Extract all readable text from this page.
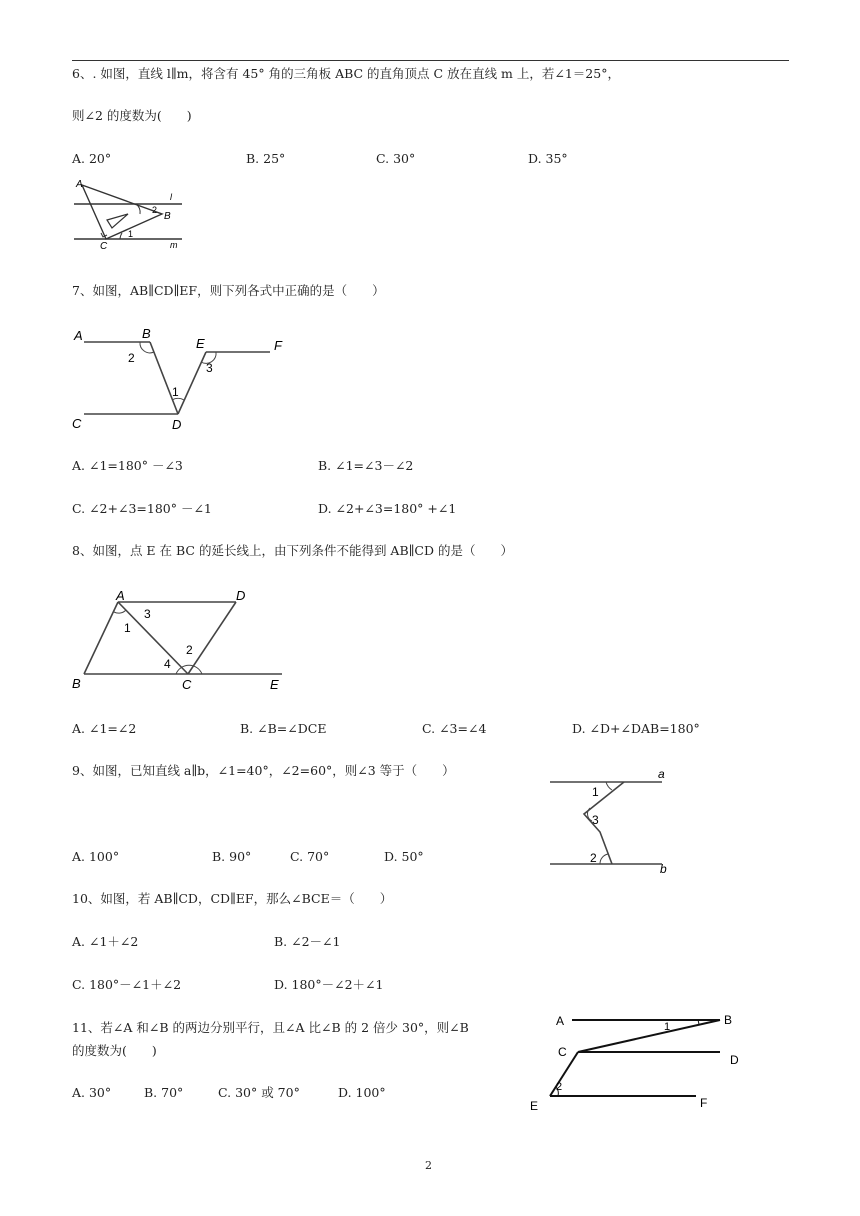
6、. 如图，直线 l∥m，将含有 45° 角的三角板 ABC 的直角顶点 C 放在直线 m 上，若∠1＝25°，
则∠2 的度数为(　　)
A. 20°	B. 25°	C. 30°	D. 35°
A
B
C
l
m
2
1
7、如图，AB∥CD∥EF，则下列各式中正确的是（　　）
A	B
C	D
E	F
1
2
3
A. ∠1=180° －∠3	B. ∠1=∠3－∠2
C. ∠2+∠3=180° －∠1	D. ∠2+∠3=180° +∠1
8、如图，点 E 在 BC 的延长线上，由下列条件不能得到 AB∥CD 的是（　　）
A
B	C
D
E
1
2
3
4
A. ∠1=∠2	B. ∠B=∠DCE	C. ∠3=∠4	D. ∠D+∠DAB=180°
9、如图，已知直线 a∥b，∠1=40°，∠2=60°，则∠3 等于（　　）
A. 100°	B. 90°	C. 70°	D. 50°
a
b
1
3
2
10、如图，若 AB∥CD，CD∥EF，那么∠BCE＝（　　）
A. ∠1＋∠2	B. ∠2－∠1
C. 180°－∠1＋∠2	D. 180°－∠2＋∠1
A	B
C
D
E	F
1
2
11、若∠A 和∠B 的两边分别平行，且∠A 比∠B 的 2 倍少 30°，则∠B
的度数为(　　)
A. 30°	B. 70°	C. 30° 或 70°	D. 100°
2
